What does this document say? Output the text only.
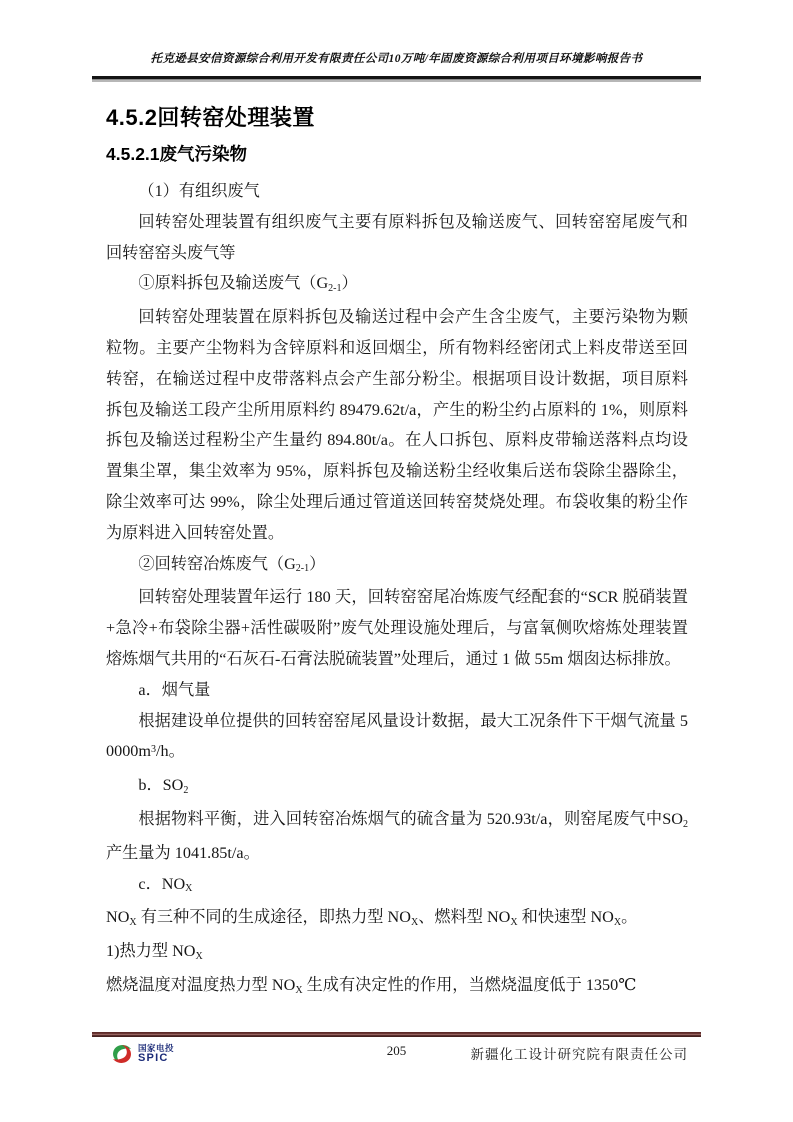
托克逊县安信资源综合利用开发有限责任公司10万吨/年固废资源综合利用项目环境影响报告书
4.5.2回转窑处理装置
4.5.2.1废气污染物

（1）有组织废气

回转窑处理装置有组织废气主要有原料拆包及输送废气、回转窑窑尾废气和回转窑窑头废气等

①原料拆包及输送废气$(G_{2-1})$

回转窑处理装置在原料拆包及输送过程中会产生含尘废气，主要污染物为颗粒物。主要产尘物料为含锌原料和返回烟尘，所有物料经密闭式上料皮带送至回转窑，在输送过程中皮带落料点会产生部分粉尘。根据项目设计数据，项目原料拆包及输送工段产尘所用原料约 89479.62t/a，产生的粉尘约占原料的 1%，则原料拆包及输送过程粉尘产生量约 894.80t/a。在人口拆包、原料皮带输送落料点均设置集尘罩，集尘效率为 95%，原料拆包及输送粉尘经收集后送布袋除尘器除尘，除尘效率可达 99%，除尘处理后通过管道送回转窑焚烧处理。布袋收集的粉尘作为原料进入回转窑处置。

②回转窑冶炼废气$(G_{2-1})$

回转窑处理装置年运行 180 天，回转窑窑尾冶炼废气经配套的“SCR 脱硝装置+急冷+布袋除尘器+活性碳吸附”废气处理设施处理后，与富氧侧吹熔炼处理装置熔炼烟气共用的“石灰石-石膏法脱硫装置”处理后，通过 1 做 55m 烟囱达标排放。

a．烟气量

根据建设单位提供的回转窑窑尾风量设计数据，最大工况条件下干烟气流量 $50000m^3/h$。

b．$SO_2$

根据物料平衡，进入回转窑冶炼烟气的硫含量为 520.93t/a，则窑尾废气中$SO_2$ 产生量为 1041.85t/a。

c．$NO_X$

$NO_X$ 有三种不同的生成途径，即热力型 $NO_X$、燃料型 $NO_X$ 和快速型 $NO_X$。

1)热力型 $NO_X$

燃烧温度对温度热力型 $NO_X$ 生成有决定性的作用，当燃烧温度低于 1350℃

国家电投
SPIC
205	新疆化工设计研究院有限责任公司
